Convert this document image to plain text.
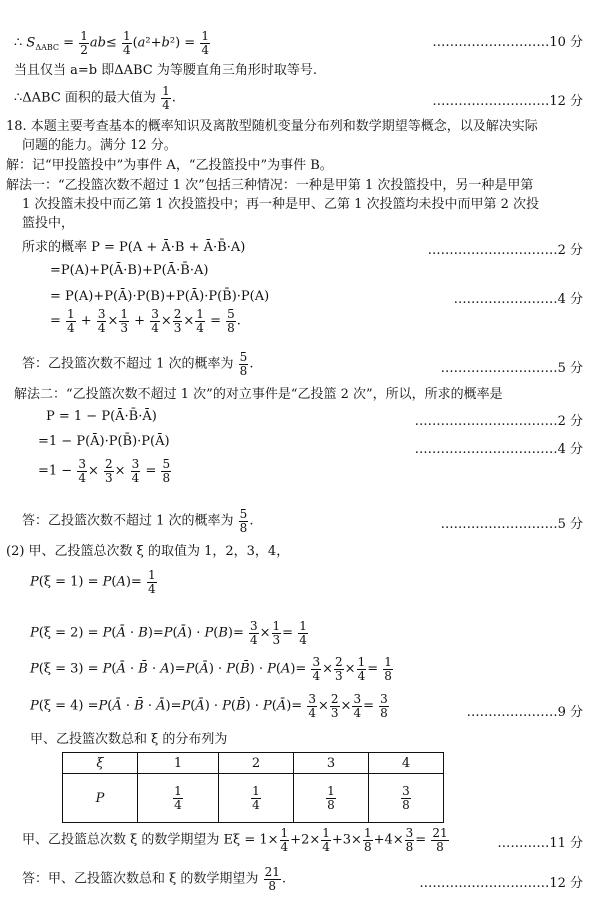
∴ $S_{\Delta ABC} = \frac{1}{2} ab\le \frac{1}{4} (a^2+b^2) = \frac{1}{4}$	………………………10 分
当且仅当 a=b 即ΔABC 为等腰直角三角形时取等号.
∴ΔABC 面积的最大值为 $\frac{1}{4}$ .	………………………12 分
18. 本题主要考查基本的概率知识及离散型随机变量分布列和数学期望等概念，以及解决实际
问题的能力。满分 12 分。
解：记“甲投篮投中”为事件 A，“乙投篮投中”为事件 B。
解法一：“乙投篮次数不超过 1 次”包括三种情况：一种是甲第 1 次投篮投中，另一种是甲第
1 次投篮未投中而乙第 1 次投篮投中；再一种是甲、乙第 1 次投篮均未投中而甲第 2 次投
篮投中，
所求的概率 P = P(A + Ā·B + Ā·B̄·A)	…………………………2 分
=P(A)+P(Ā·B)+P(Ā·B̄·A)
= P(A)+P(Ā)·P(B)+P(Ā)·P(B̄)·P(A)	……………………4 分
= $\frac{1}{4} + \frac{3}{4} \times \frac{1}{3} + \frac{3}{4} \times \frac{2}{3} \times \frac{1}{4} = \frac{5}{8}$ .
答：乙投篮次数不超过 1 次的概率为 $\frac{5}{8}$ .	………………………5 分
解法二：“乙投篮次数不超过 1 次”的对立事件是“乙投篮 2 次”，所以，所求的概率是
P = 1 − P(Ā·B̄·Ā)	……………………………2 分
=1 − P(Ā)·P(B̄)·P(Ā)
……………………………4 分
$=1 - \frac{3}{4} \times \frac{2}{3} \times \frac{3}{4} = \frac{5}{8}$
答：乙投篮次数不超过 1 次的概率为 $\frac{5}{8}$ .	………………………5 分
(2) 甲、乙投篮总次数 ξ 的取值为 1，2，3，4，
$P(\xi = 1) = P(A)= \frac{1}{4}$
P(ξ = 2) = P(Ā · B)=P(Ā) · $P(B)= \frac{3}{4} \times \frac{1}{3} = \frac{1}{4}$
P(ξ = 3) = P(Ā · B̄ · A)=P(Ā) · P(B̄) · $P(A)= \frac{3}{4} \times \frac{2}{3} \times \frac{1}{4} = \frac{1}{8}$
P(ξ = 4) =P(Ā · B̄ · Ā)=P(Ā) · P(B̄) · P(Ā)= $\frac{3}{4} \times \frac{2}{3} \times \frac{3}{4} = \frac{3}{8}$	…………………9 分
甲、乙投篮次数总和 ξ 的分布列为
ξ	1	2	3	4
P	$\frac{1}{4}$	$\frac{1}{4}$	$\frac{1}{8}$	$\frac{3}{8}$
甲、乙投篮总次数 ξ 的数学期望为 $E\xi = 1\times \frac{1}{4} +2\times \frac{1}{4} +3\times \frac{1}{8} +4\times \frac{3}{8} = \frac{21}{8}$	…………11 分
答：甲、乙投篮次数总和 ξ 的数学期望为 $\frac{21}{8}$ .	…………………………12 分
